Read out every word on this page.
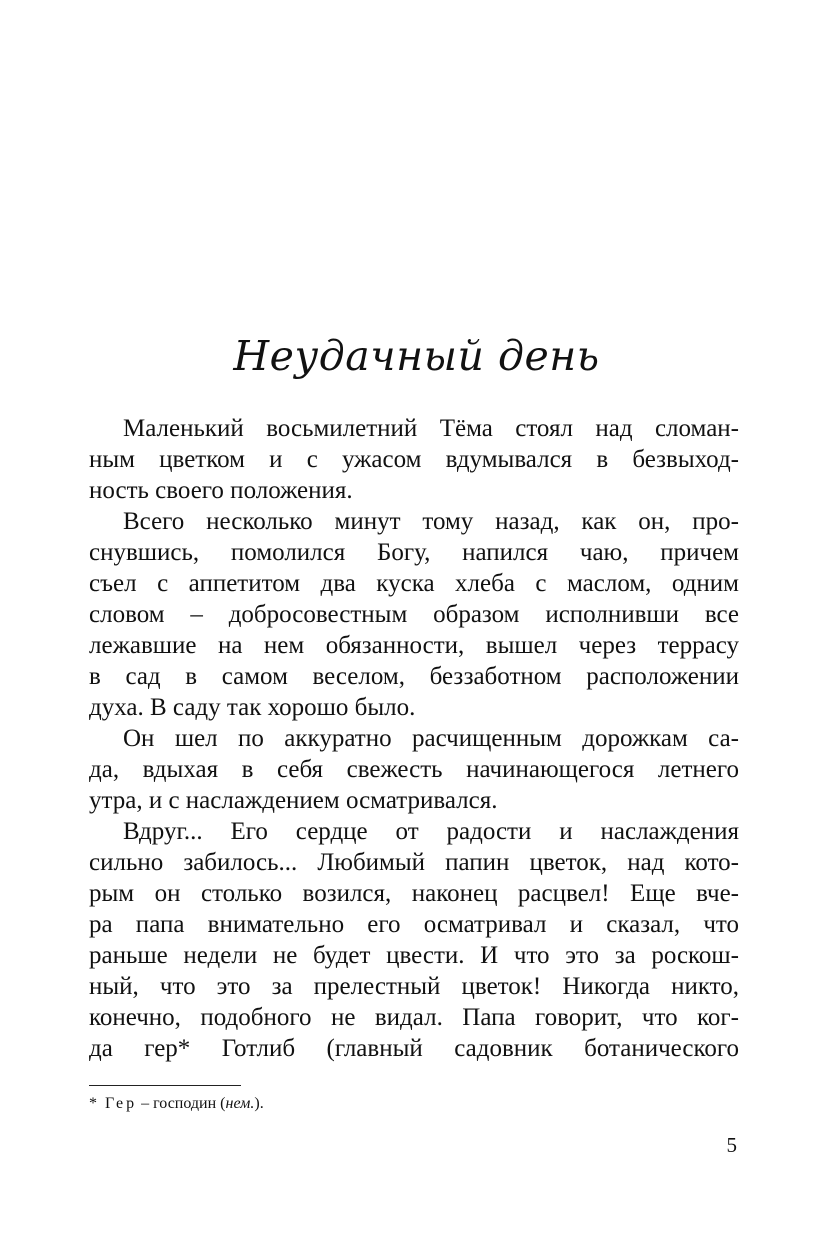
Неудачный день
Маленький восьмилетний Тёма стоял над сломан-
ным цветком и с ужасом вдумывался в безвыход-
ность своего положения.
Всего несколько минут тому назад, как он, про-
снувшись, помолился Богу, напился чаю, причем
съел с аппетитом два куска хлеба с маслом, одним
словом – добросовестным образом исполнивши все
лежавшие на нем обязанности, вышел через террасу
в сад в самом веселом, беззаботном расположении
духа. В саду так хорошо было.
Он шел по аккуратно расчищенным дорожкам са-
да, вдыхая в себя свежесть начинающегося летнего
утра, и с наслаждением осматривался.
Вдруг... Его сердце от радости и наслаждения
сильно забилось... Любимый папин цветок, над кото-
рым он столько возился, наконец расцвел! Еще вче-
ра папа внимательно его осматривал и сказал, что
раньше недели не будет цвести. И что это за роскош-
ный, что это за прелестный цветок! Никогда никто,
конечно, подобного не видал. Папа говорит, что ког-
да гер* Готлиб (главный садовник ботанического
* Гер – господин (нем.).
5
